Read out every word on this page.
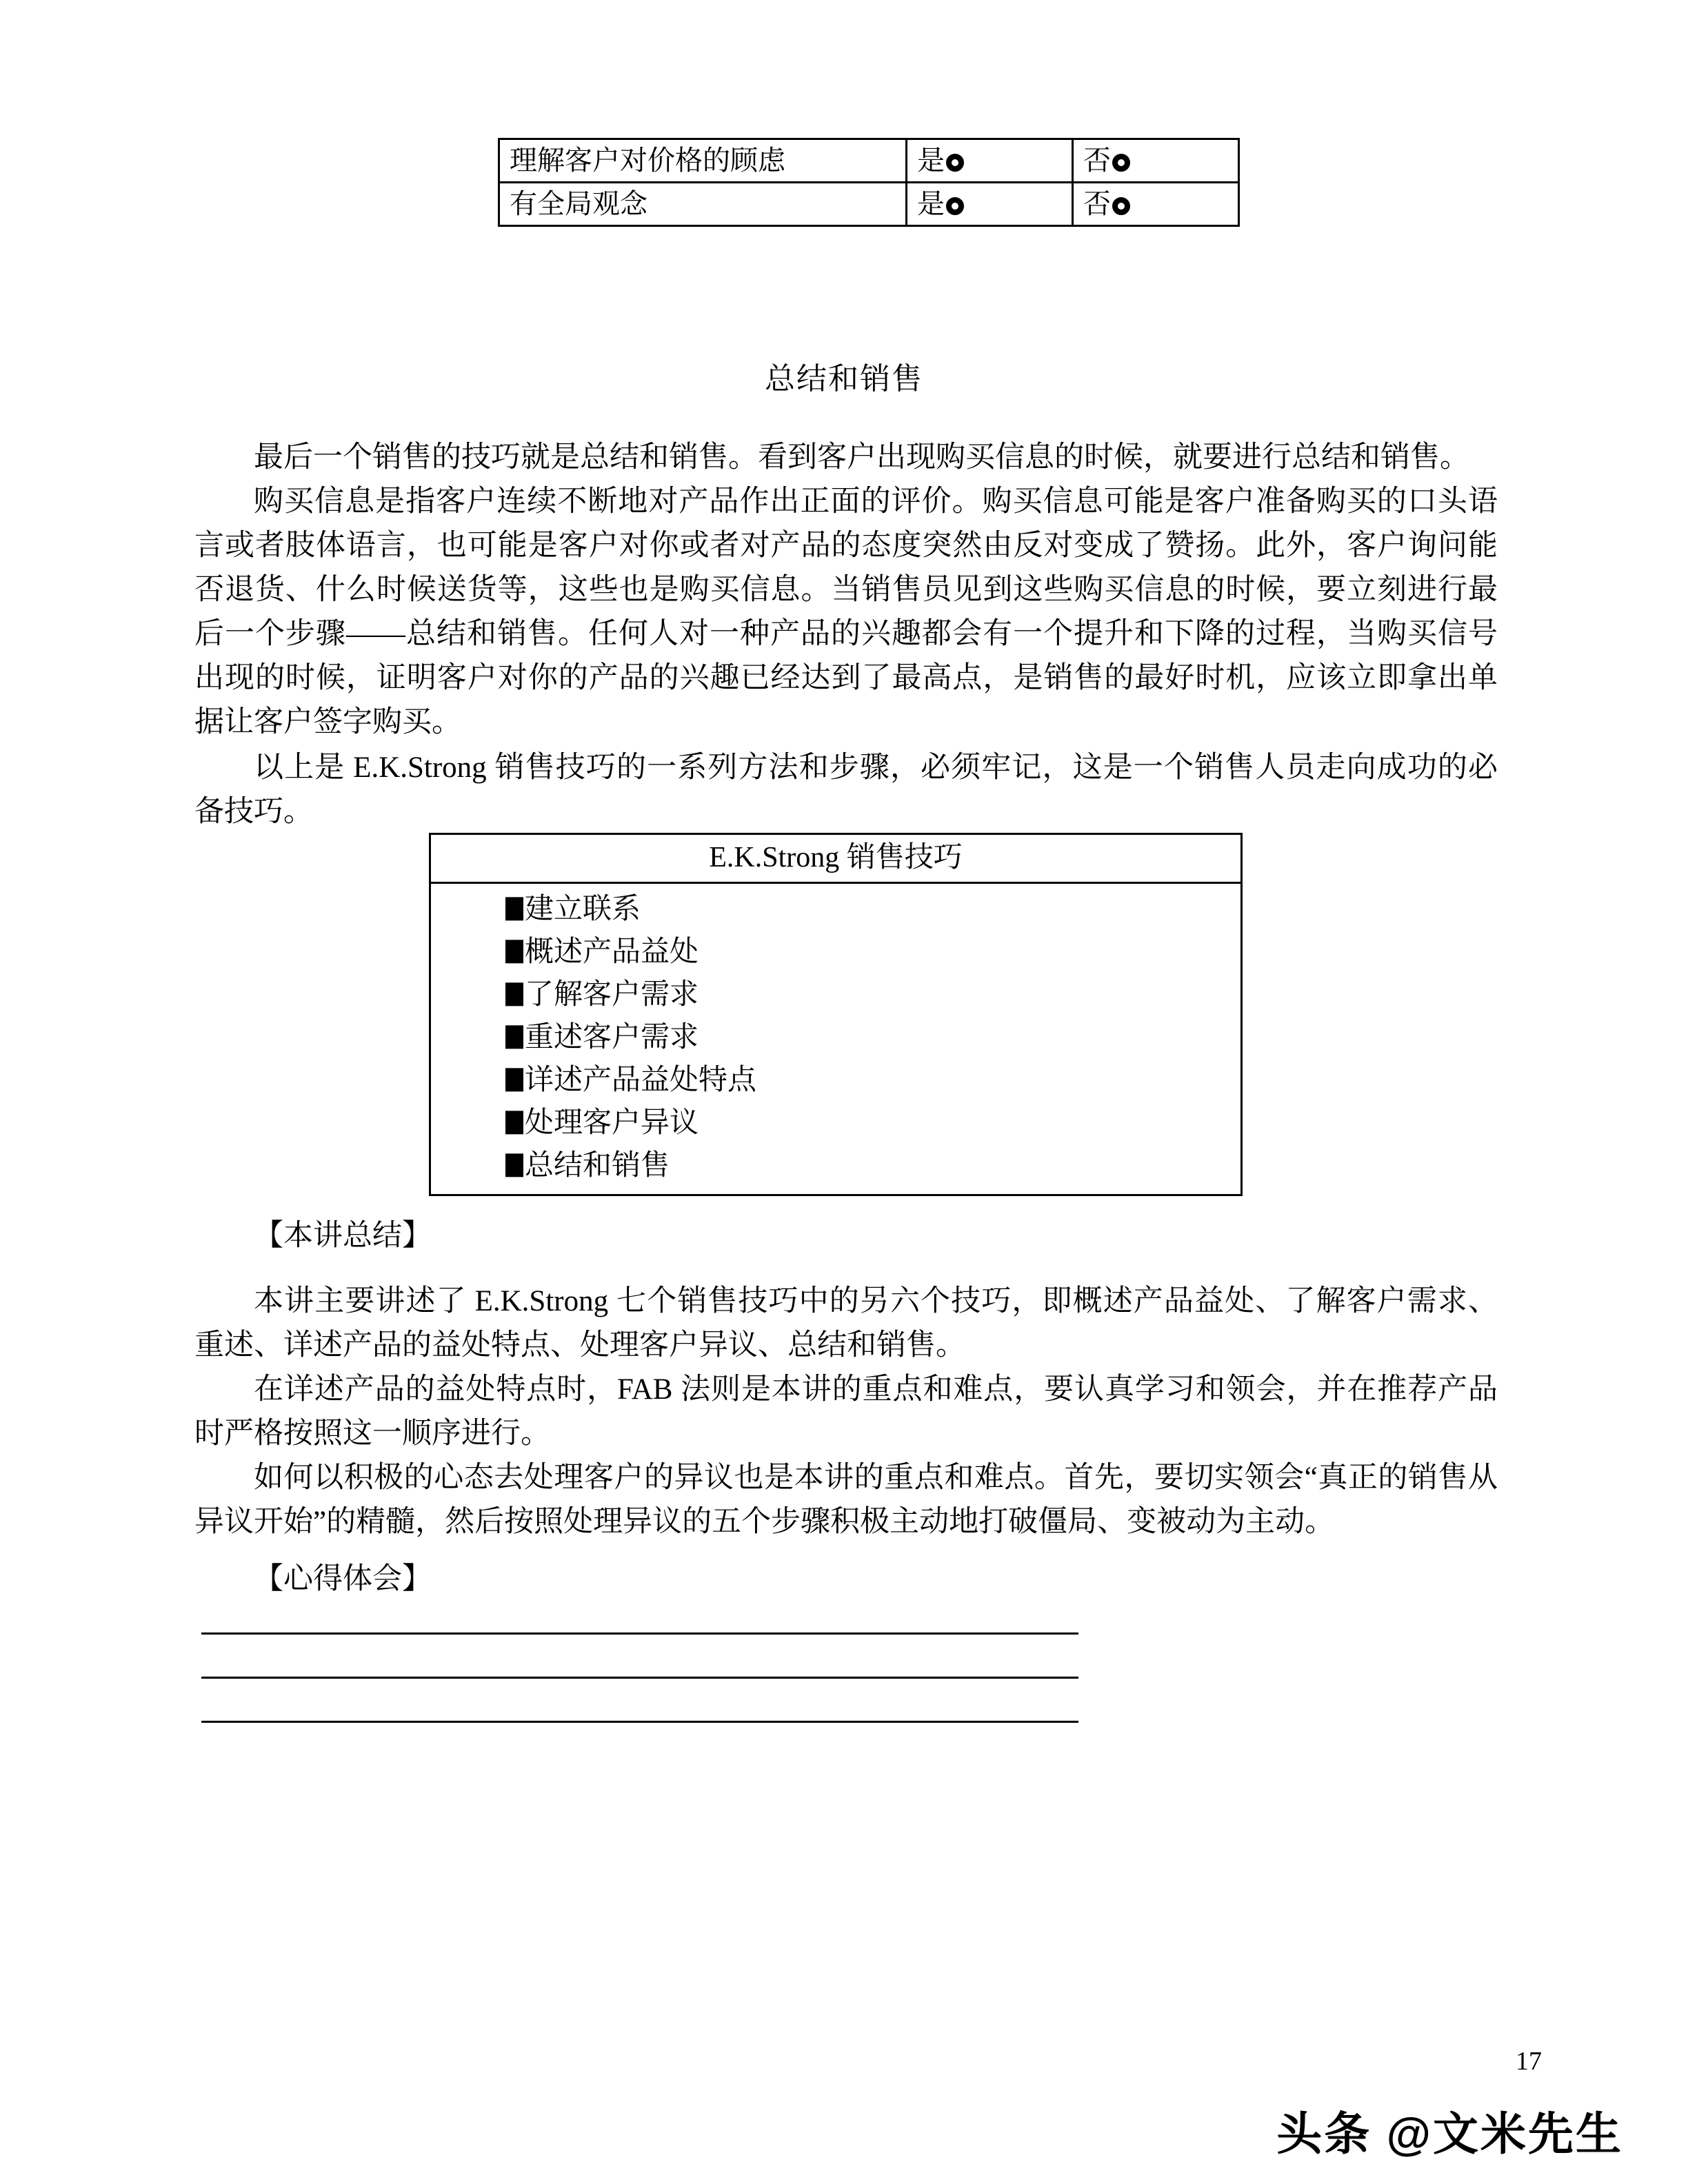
理解客户对价格的顾虑	是	否

有全局观念	是	否
总结和销售

最后一个销售的技巧就是总结和销售。看到客户出现购买信息的时候，就要进行总结和销售。

购买信息是指客户连续不断地对产品作出正面的评价。购买信息可能是客户准备购买的口头语言或者肢体语言，也可能是客户对你或者对产品的态度突然由反对变成了赞扬。此外，客户询问能否退货、什么时候送货等，这些也是购买信息。当销售员见到这些购买信息的时候，要立刻进行最后一个步骤——总结和销售。任何人对一种产品的兴趣都会有一个提升和下降的过程，当购买信号出现的时候，证明客户对你的产品的兴趣已经达到了最高点，是销售的最好时机，应该立即拿出单据让客户签字购买。

以上是 E.K.Strong 销售技巧的一系列方法和步骤，必须牢记，这是一个销售人员走向成功的必备技巧。

E.K.Strong 销售技巧
建立联系
概述产品益处
了解客户需求
重述客户需求
详述产品益处特点
处理客户异议
总结和销售
【本讲总结】

本讲主要讲述了 E.K.Strong 七个销售技巧中的另六个技巧，即概述产品益处、了解客户需求、重述、详述产品的益处特点、处理客户异议、总结和销售。

在详述产品的益处特点时，FAB 法则是本讲的重点和难点，要认真学习和领会，并在推荐产品时严格按照这一顺序进行。

如何以积极的心态去处理客户的异议也是本讲的重点和难点。首先，要切实领会“真正的销售从异议开始”的精髓，然后按照处理异议的五个步骤积极主动地打破僵局、变被动为主动。

【心得体会】
17
头条 @文米先生
